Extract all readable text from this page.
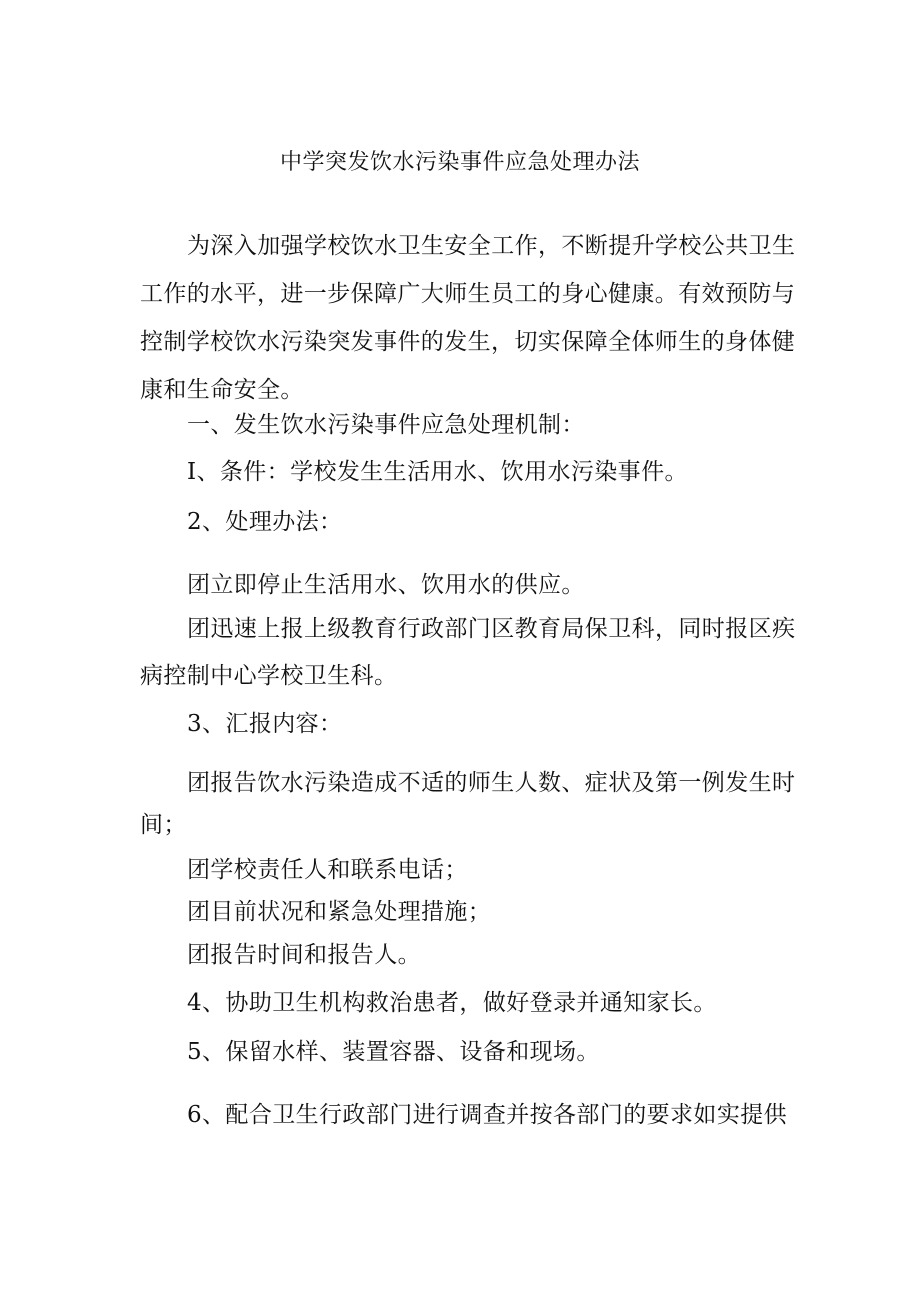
中学突发饮水污染事件应急处理办法
为深入加强学校饮水卫生安全工作，不断提升学校公共卫生
工作的水平，进一步保障广大师生员工的身心健康。有效预防与
控制学校饮水污染突发事件的发生，切实保障全体师生的身体健
康和生命安全。
一、发生饮水污染事件应急处理机制：
I、条件：学校发生生活用水、饮用水污染事件。
2、处理办法：
团立即停止生活用水、饮用水的供应。
团迅速上报上级教育行政部门区教育局保卫科，同时报区疾
病控制中心学校卫生科。
3、汇报内容：
团报告饮水污染造成不适的师生人数、症状及第一例发生时
间；
团学校责任人和联系电话；
团目前状况和紧急处理措施；
团报告时间和报告人。
4、协助卫生机构救治患者，做好登录并通知家长。
5、保留水样、装置容器、设备和现场。
6、配合卫生行政部门进行调查并按各部门的要求如实提供
